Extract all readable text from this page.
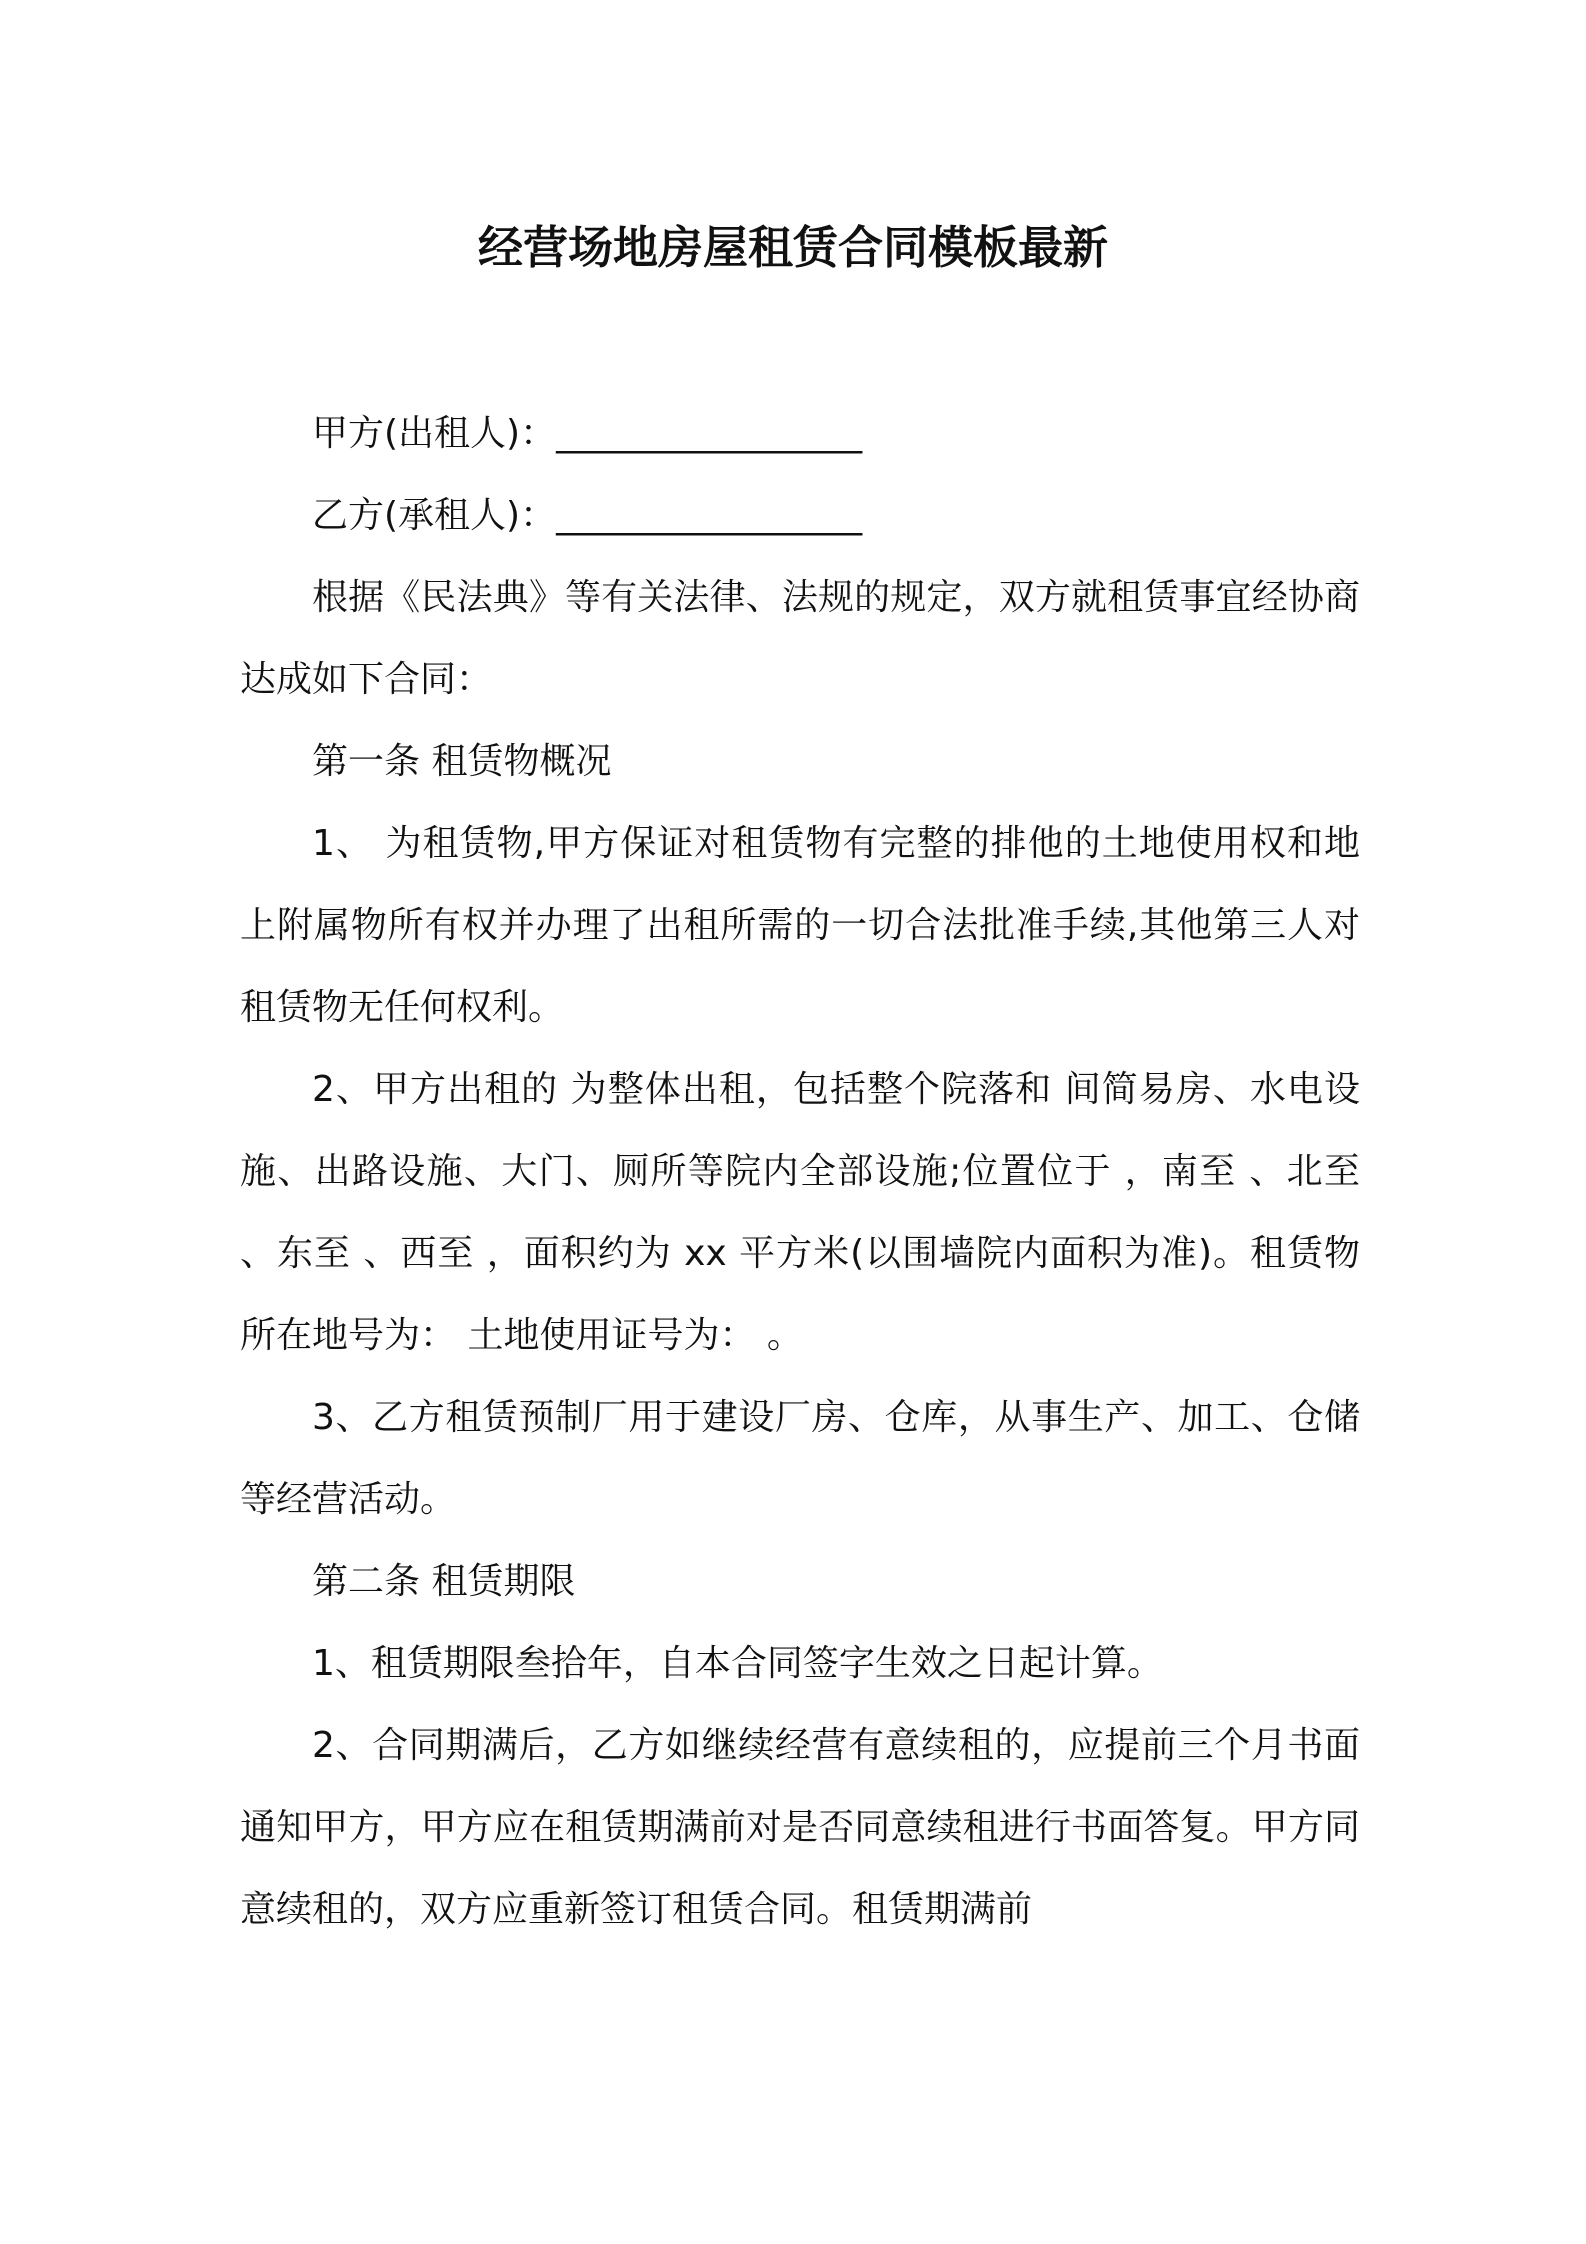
经营场地房屋租赁合同模板最新

甲方(出租人)：_________________

乙方(承租人)：_________________

根据《民法典》等有关法律、法规的规定，双方就租赁事宜经协商达成如下合同：

第一条 租赁物概况

1、 为租赁物,甲方保证对租赁物有完整的排他的土地使用权和地上附属物所有权并办理了出租所需的一切合法批准手续,其他第三人对租赁物无任何权利。

2、甲方出租的 为整体出租，包括整个院落和 间简易房、水电设施、出路设施、大门、厕所等院内全部设施;位置位于 ，南至 、北至 、东至 、西至 ，面积约为 xx 平方米(以围墙院内面积为准)。租赁物所在地号为： 土地使用证号为： 。

3、乙方租赁预制厂用于建设厂房、仓库，从事生产、加工、仓储等经营活动。

第二条 租赁期限

1、租赁期限叁拾年，自本合同签字生效之日起计算。

2、合同期满后，乙方如继续经营有意续租的，应提前三个月书面通知甲方，甲方应在租赁期满前对是否同意续租进行书面答复。甲方同意续租的，双方应重新签订租赁合同。租赁期满前
